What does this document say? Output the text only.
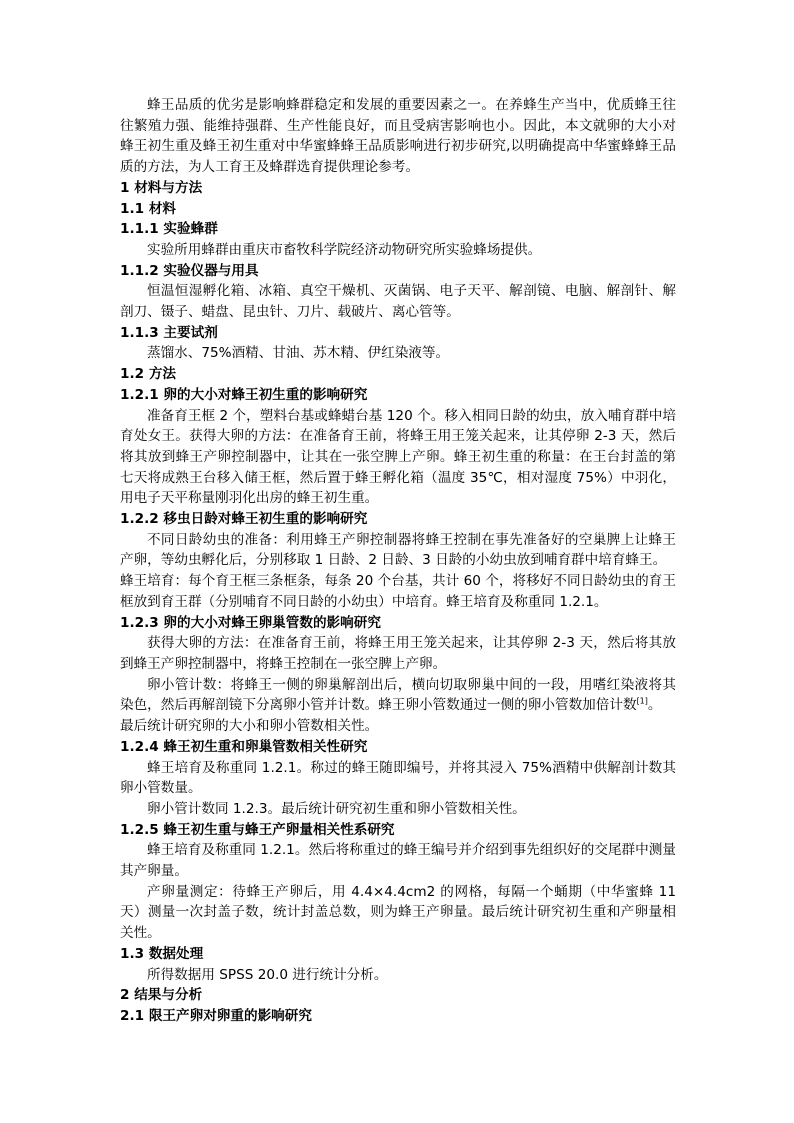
蜂王品质的优劣是影响蜂群稳定和发展的重要因素之一。在养蜂生产当中，优质蜂王往往繁殖力强、能维持强群、生产性能良好，而且受病害影响也小。因此，本文就卵的大小对蜂王初生重及蜂王初生重对中华蜜蜂蜂王品质影响进行初步研究,以明确提高中华蜜蜂蜂王品质的方法，为人工育王及蜂群选育提供理论参考。

1 材料与方法

1.1 材料

1.1.1 实验蜂群

实验所用蜂群由重庆市畜牧科学院经济动物研究所实验蜂场提供。

1.1.2 实验仪器与用具

恒温恒湿孵化箱、冰箱、真空干燥机、灭菌锅、电子天平、解剖镜、电脑、解剖针、解剖刀、镊子、蜡盘、昆虫针、刀片、载破片、离心管等。

1.1.3 主要试剂

蒸馏水、75%酒精、甘油、苏木精、伊红染液等。

1.2 方法

1.2.1 卵的大小对蜂王初生重的影响研究

准备育王框 2 个，塑料台基或蜂蜡台基 120 个。移入相同日龄的幼虫，放入哺育群中培育处女王。获得大卵的方法：在准备育王前，将蜂王用王笼关起来，让其停卵 2-3 天，然后将其放到蜂王产卵控制器中，让其在一张空脾上产卵。蜂王初生重的称量：在王台封盖的第七天将成熟王台移入储王框，然后置于蜂王孵化箱（温度 35℃，相对湿度 75%）中羽化，用电子天平称量刚羽化出房的蜂王初生重。

1.2.2 移虫日龄对蜂王初生重的影响研究

不同日龄幼虫的准备：利用蜂王产卵控制器将蜂王控制在事先准备好的空巢脾上让蜂王产卵，等幼虫孵化后，分别移取 1 日龄、2 日龄、3 日龄的小幼虫放到哺育群中培育蜂王。

蜂王培育：每个育王框三条框条，每条 20 个台基，共计 60 个，将移好不同日龄幼虫的育王框放到育王群（分别哺育不同日龄的小幼虫）中培育。蜂王培育及称重同 1.2.1。

1.2.3 卵的大小对蜂王卵巢管数的影响研究

获得大卵的方法：在准备育王前，将蜂王用王笼关起来，让其停卵 2-3 天，然后将其放到蜂王产卵控制器中，将蜂王控制在一张空脾上产卵。

卵小管计数：将蜂王一侧的卵巢解剖出后，横向切取卵巢中间的一段，用嗜红染液将其染色，然后再解剖镜下分离卵小管并计数。蜂王卵小管数通过一侧的卵小管数加倍计数[1]。

最后统计研究卵的大小和卵小管数相关性。

1.2.4 蜂王初生重和卵巢管数相关性研究

蜂王培育及称重同 1.2.1。称过的蜂王随即编号，并将其浸入 75%酒精中供解剖计数其卵小管数量。

卵小管计数同 1.2.3。最后统计研究初生重和卵小管数相关性。

1.2.5 蜂王初生重与蜂王产卵量相关性系研究

蜂王培育及称重同 1.2.1。然后将称重过的蜂王编号并介绍到事先组织好的交尾群中测量其产卵量。

产卵量测定：待蜂王产卵后，用 4.4×4.4cm2 的网格，每隔一个蛹期（中华蜜蜂 11 天）测量一次封盖子数，统计封盖总数，则为蜂王产卵量。最后统计研究初生重和产卵量相关性。

1.3 数据处理

所得数据用 SPSS 20.0 进行统计分析。

2 结果与分析

2.1 限王产卵对卵重的影响研究
